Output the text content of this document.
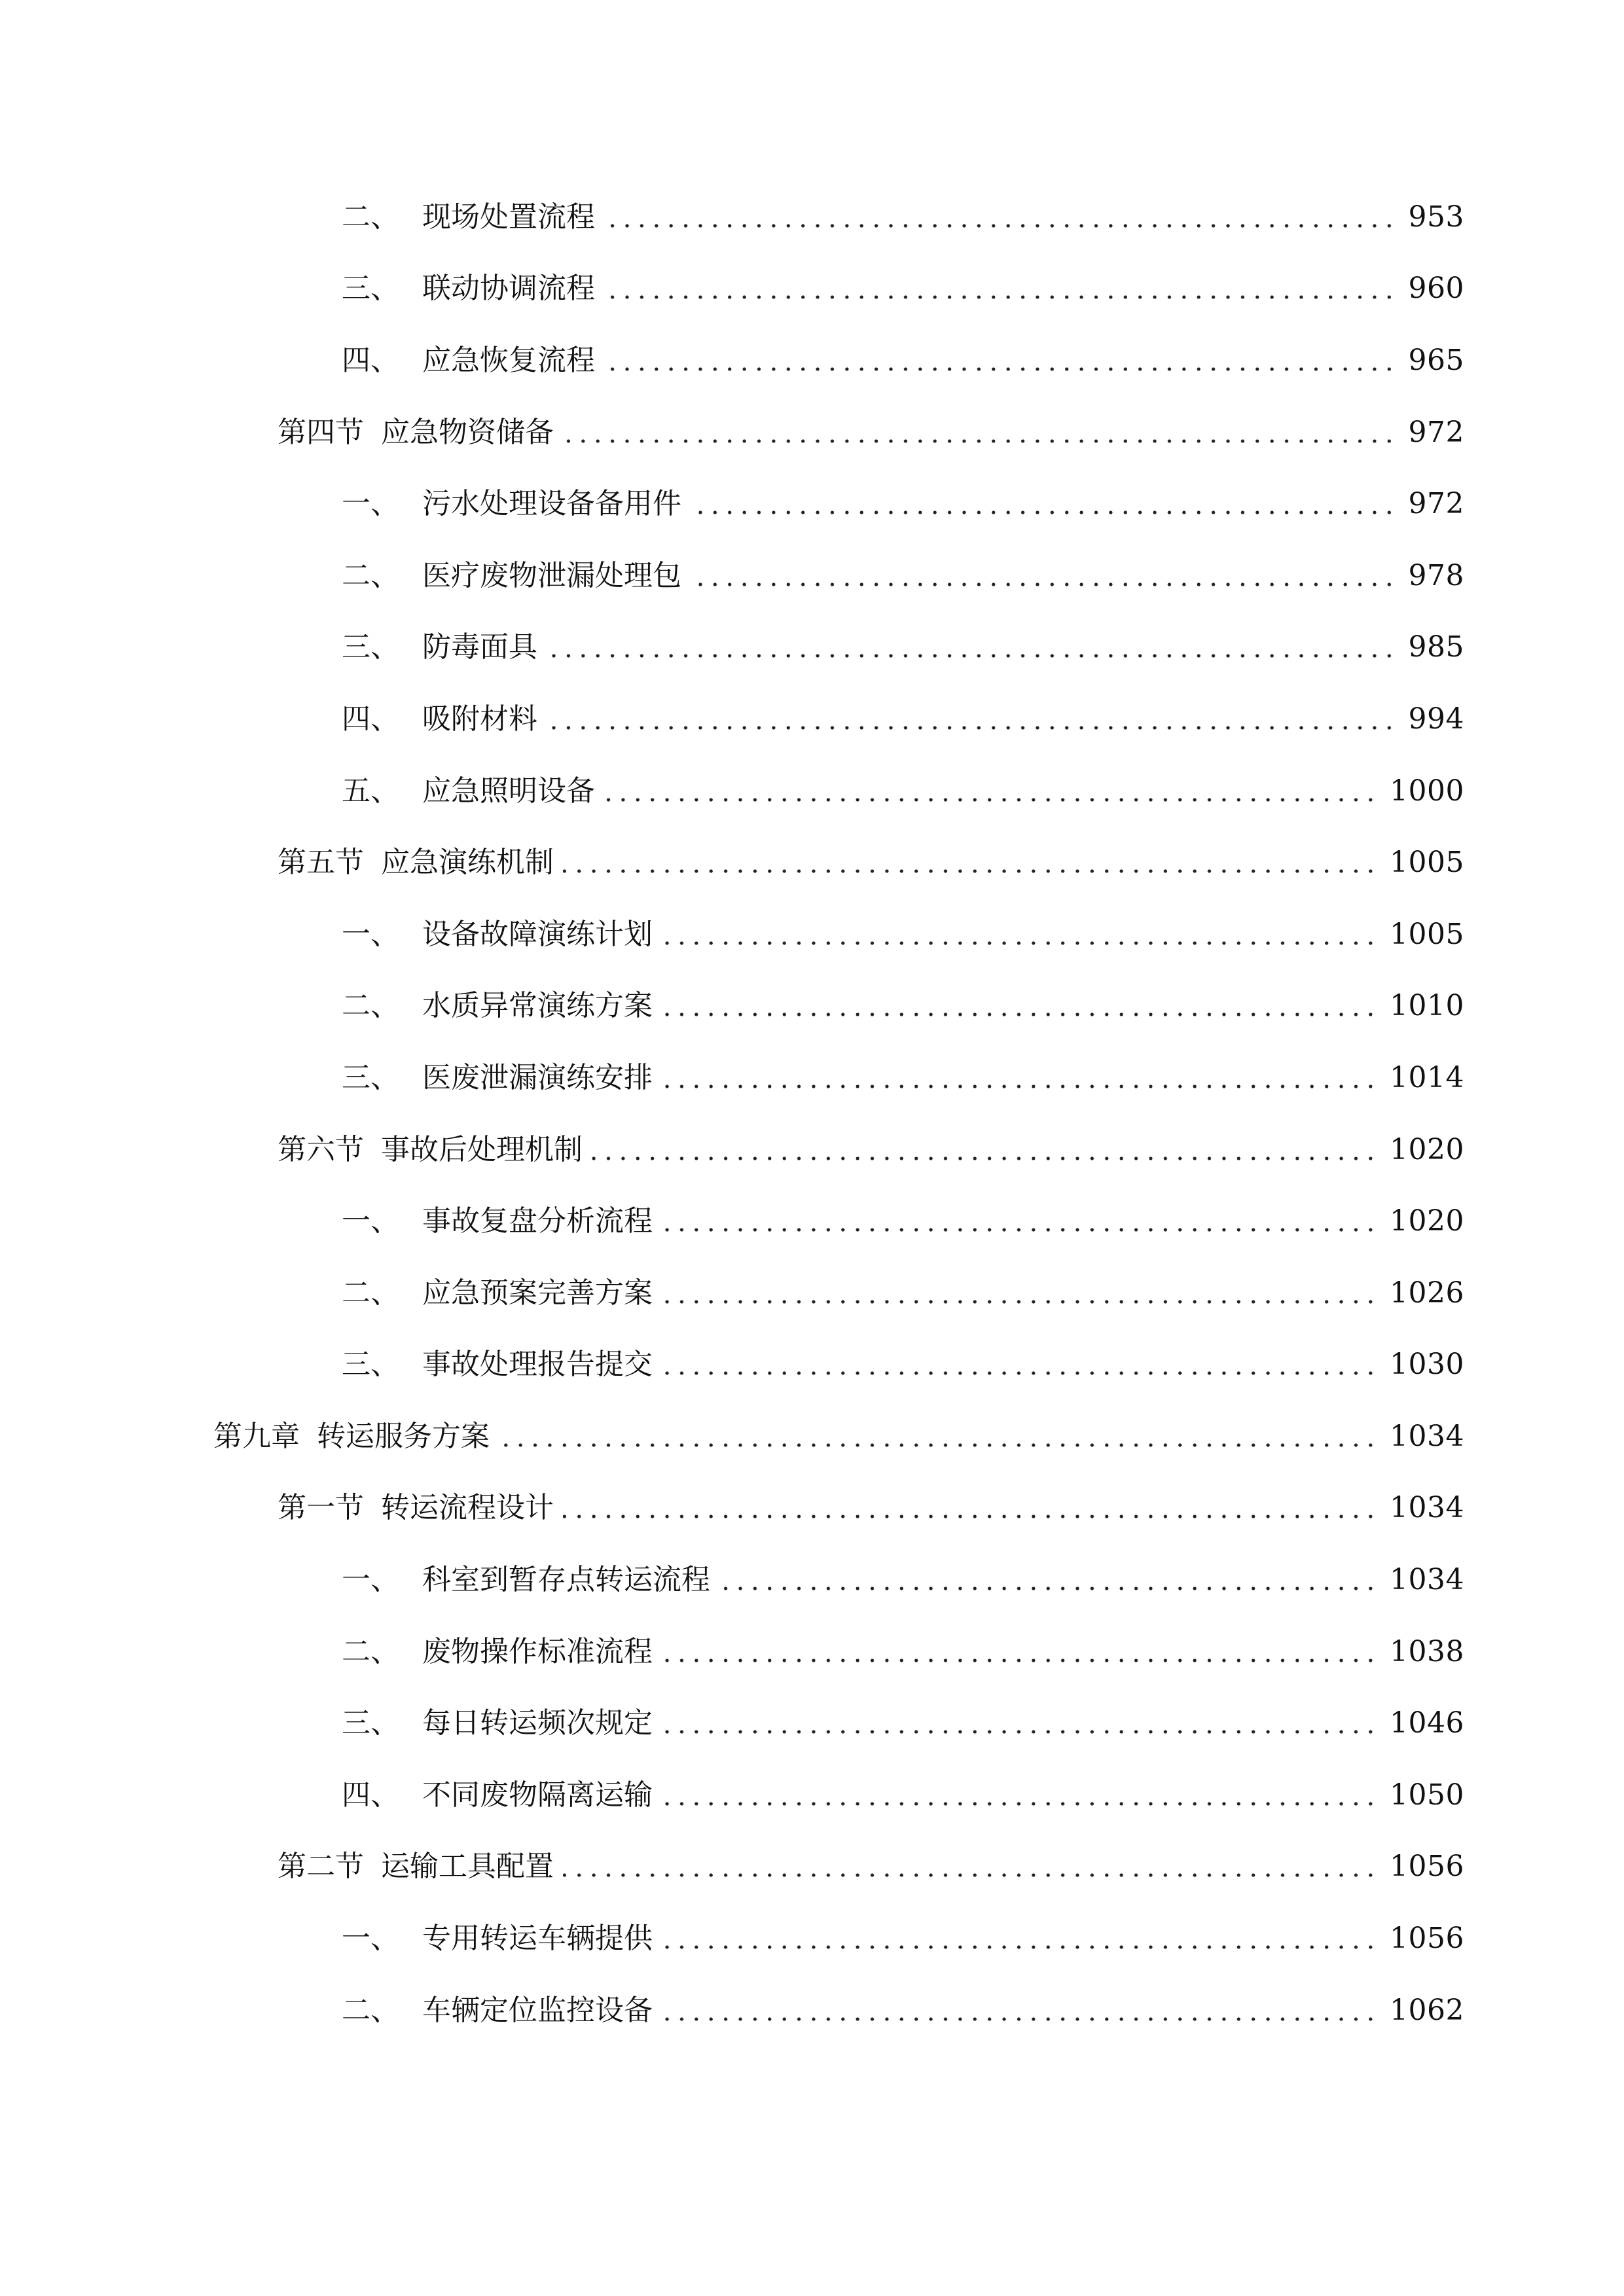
二、 现场处置流程	953
三、 联动协调流程	960
四、 应急恢复流程	965
第四节 应急物资储备	972
一、 污水处理设备备用件	972
二、 医疗废物泄漏处理包	978
三、 防毒面具	985
四、 吸附材料	994
五、 应急照明设备	1000
第五节 应急演练机制	1005
一、 设备故障演练计划	1005
二、 水质异常演练方案	1010
三、 医废泄漏演练安排	1014
第六节 事故后处理机制	1020
一、 事故复盘分析流程	1020
二、 应急预案完善方案	1026
三、 事故处理报告提交	1030
第九章 转运服务方案	1034
第一节 转运流程设计	1034
一、 科室到暂存点转运流程	1034
二、 废物操作标准流程	1038
三、 每日转运频次规定	1046
四、 不同废物隔离运输	1050
第二节 运输工具配置	1056
一、 专用转运车辆提供	1056
二、 车辆定位监控设备	1062
